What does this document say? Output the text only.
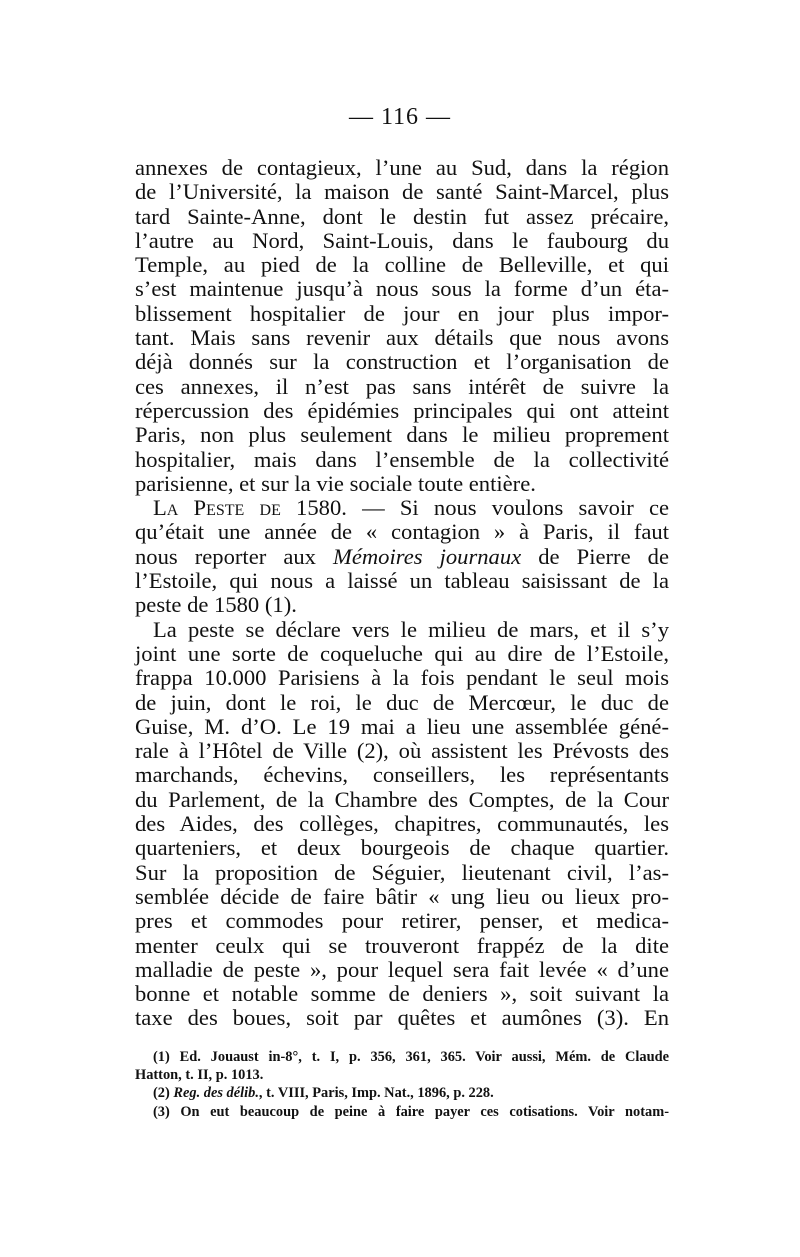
— 116 —
annexes de contagieux, l’une au Sud, dans la région
de l’Université, la maison de santé Saint-Marcel, plus
tard Sainte-Anne, dont le destin fut assez précaire,
l’autre au Nord, Saint-Louis, dans le faubourg du
Temple, au pied de la colline de Belleville, et qui
s’est maintenue jusqu’à nous sous la forme d’un éta-
blissement hospitalier de jour en jour plus impor-
tant. Mais sans revenir aux détails que nous avons
déjà donnés sur la construction et l’organisation de
ces annexes, il n’est pas sans intérêt de suivre la
répercussion des épidémies principales qui ont atteint
Paris, non plus seulement dans le milieu proprement
hospitalier, mais dans l’ensemble de la collectivité
parisienne, et sur la vie sociale toute entière.
La Peste de 1580. — Si nous voulons savoir ce
qu’était une année de « contagion » à Paris, il faut
nous reporter aux Mémoires journaux de Pierre de
l’Estoile, qui nous a laissé un tableau saisissant de la
peste de 1580 (1).
La peste se déclare vers le milieu de mars, et il s’y
joint une sorte de coqueluche qui au dire de l’Estoile,
frappa 10.000 Parisiens à la fois pendant le seul mois
de juin, dont le roi, le duc de Mercœur, le duc de
Guise, M. d’O. Le 19 mai a lieu une assemblée géné-
rale à l’Hôtel de Ville (2), où assistent les Prévosts des
marchands, échevins, conseillers, les représentants
du Parlement, de la Chambre des Comptes, de la Cour
des Aides, des collèges, chapitres, communautés, les
quarteniers, et deux bourgeois de chaque quartier.
Sur la proposition de Séguier, lieutenant civil, l’as-
semblée décide de faire bâtir « ung lieu ou lieux pro-
pres et commodes pour retirer, penser, et medica-
menter ceulx qui se trouveront frappéz de la dite
malladie de peste », pour lequel sera fait levée « d’une
bonne et notable somme de deniers », soit suivant la
taxe des boues, soit par quêtes et aumônes (3). En
(1) Ed. Jouaust in-8°, t. I, p. 356, 361, 365. Voir aussi, Mém. de Claude
Hatton, t. II, p. 1013.
(2) Reg. des délib., t. VIII, Paris, Imp. Nat., 1896, p. 228.
(3) On eut beaucoup de peine à faire payer ces cotisations. Voir notam-
